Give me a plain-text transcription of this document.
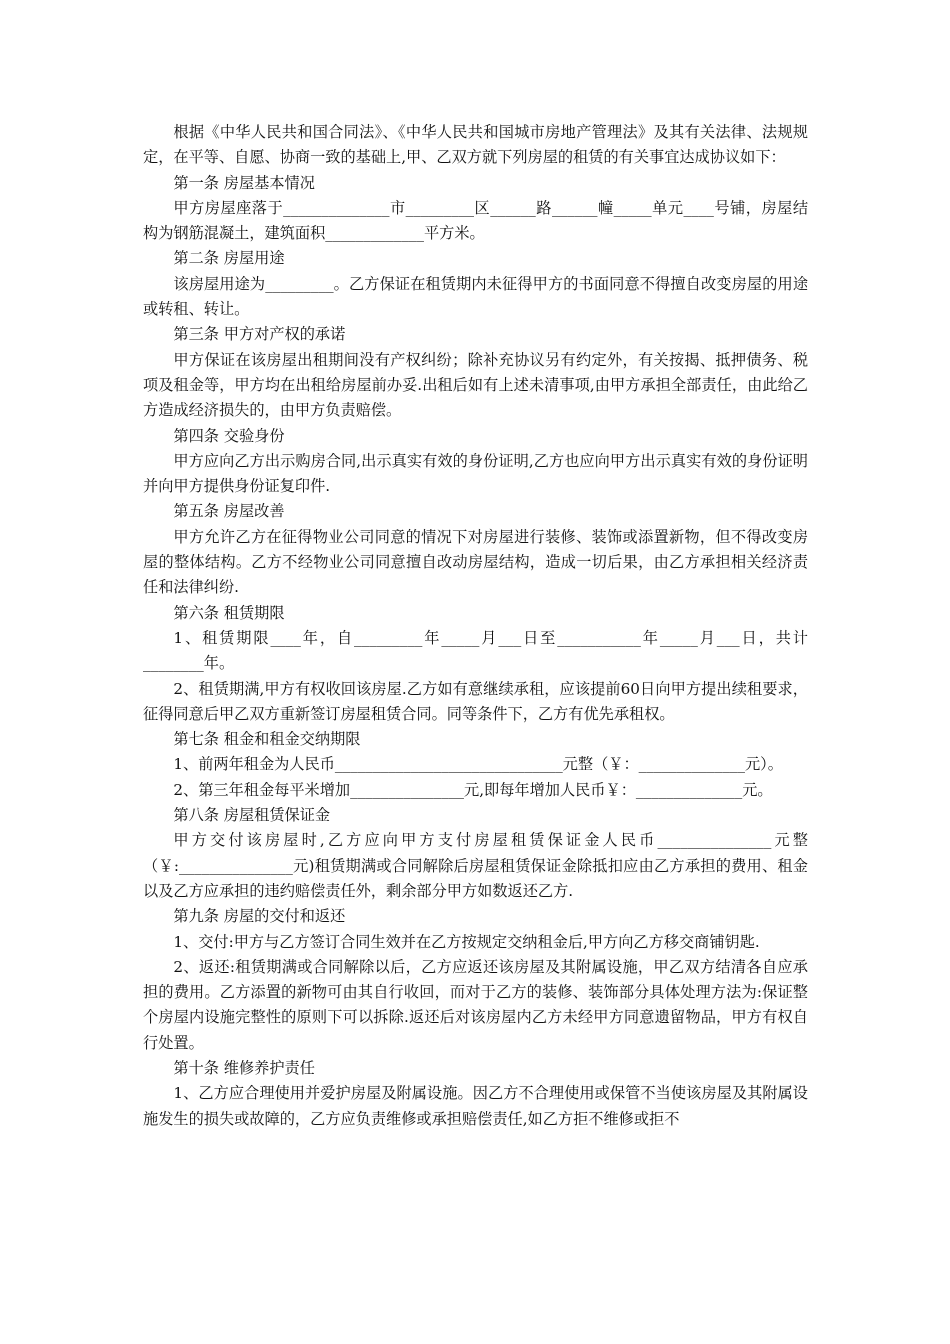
根据《中华人民共和国合同法》、《中华人民共和国城市房地产管理法》及其有关法律、法规规定，在平等、自愿、协商一致的基础上,甲、乙双方就下列房屋的租赁的有关事宜达成协议如下：

第一条 房屋基本情况

甲方房屋座落于______________市_________区______路______幢_____单元____号铺，房屋结构为钢筋混凝土，建筑面积_____________平方米。

第二条 房屋用途

该房屋用途为_________。乙方保证在租赁期内未征得甲方的书面同意不得擅自改变房屋的用途或转租、转让。

第三条 甲方对产权的承诺

甲方保证在该房屋出租期间没有产权纠纷；除补充协议另有约定外，有关按揭、抵押债务、税项及租金等，甲方均在出租给房屋前办妥.出租后如有上述未清事项,由甲方承担全部责任，由此给乙方造成经济损失的，由甲方负责赔偿。

第四条 交验身份

甲方应向乙方出示购房合同,出示真实有效的身份证明,乙方也应向甲方出示真实有效的身份证明并向甲方提供身份证复印件.

第五条 房屋改善

甲方允许乙方在征得物业公司同意的情况下对房屋进行装修、装饰或添置新物，但不得改变房屋的整体结构。乙方不经物业公司同意擅自改动房屋结构，造成一切后果，由乙方承担相关经济责任和法律纠纷.

第六条 租赁期限

1、租赁期限____年，自_________年_____月___日至___________年_____月___日，共计________年。

2、租赁期满,甲方有权收回该房屋.乙方如有意继续承租，应该提前60日向甲方提出续租要求，征得同意后甲乙双方重新签订房屋租赁合同。同等条件下，乙方有优先承租权。

第七条 租金和租金交纳期限

1、前两年租金为人民币______________________________元整（￥：______________元）。

2、第三年租金每平米增加_______________元,即每年增加人民币￥：______________元。

第八条 房屋租赁保证金

甲方交付该房屋时,乙方应向甲方支付房屋租赁保证金人民币_______________元整（￥:_______________元)租赁期满或合同解除后房屋租赁保证金除抵扣应由乙方承担的费用、租金以及乙方应承担的违约赔偿责任外，剩余部分甲方如数返还乙方.

第九条 房屋的交付和返还

1、交付:甲方与乙方签订合同生效并在乙方按规定交纳租金后,甲方向乙方移交商铺钥匙.

2、返还:租赁期满或合同解除以后，乙方应返还该房屋及其附属设施，甲乙双方结清各自应承担的费用。乙方添置的新物可由其自行收回，而对于乙方的装修、装饰部分具体处理方法为:保证整个房屋内设施完整性的原则下可以拆除.返还后对该房屋内乙方未经甲方同意遗留物品，甲方有权自行处置。

第十条 维修养护责任

1、乙方应合理使用并爱护房屋及附属设施。因乙方不合理使用或保管不当使该房屋及其附属设施发生的损失或故障的，乙方应负责维修或承担赔偿责任,如乙方拒不维修或拒不
